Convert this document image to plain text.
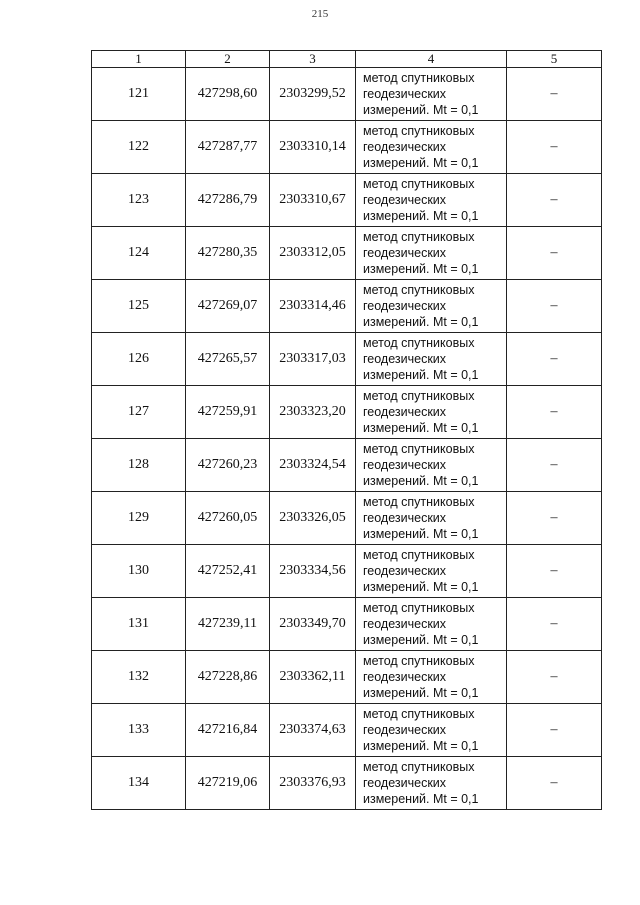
215
1	2	3	4	5
121	427298,60	2303299,52	метод спутниковых
геодезических
измерений. Mt = 0,1	–
122	427287,77	2303310,14	метод спутниковых
геодезических
измерений. Mt = 0,1	–
123	427286,79	2303310,67	метод спутниковых
геодезических
измерений. Mt = 0,1	–
124	427280,35	2303312,05	метод спутниковых
геодезических
измерений. Mt = 0,1	–
125	427269,07	2303314,46	метод спутниковых
геодезических
измерений. Mt = 0,1	–
126	427265,57	2303317,03	метод спутниковых
геодезических
измерений. Mt = 0,1	–
127	427259,91	2303323,20	метод спутниковых
геодезических
измерений. Mt = 0,1	–
128	427260,23	2303324,54	метод спутниковых
геодезических
измерений. Mt = 0,1	–
129	427260,05	2303326,05	метод спутниковых
геодезических
измерений. Mt = 0,1	–
130	427252,41	2303334,56	метод спутниковых
геодезических
измерений. Mt = 0,1	–
131	427239,11	2303349,70	метод спутниковых
геодезических
измерений. Mt = 0,1	–
132	427228,86	2303362,11	метод спутниковых
геодезических
измерений. Mt = 0,1	–
133	427216,84	2303374,63	метод спутниковых
геодезических
измерений. Mt = 0,1	–
134	427219,06	2303376,93	метод спутниковых
геодезических
измерений. Mt = 0,1	–
